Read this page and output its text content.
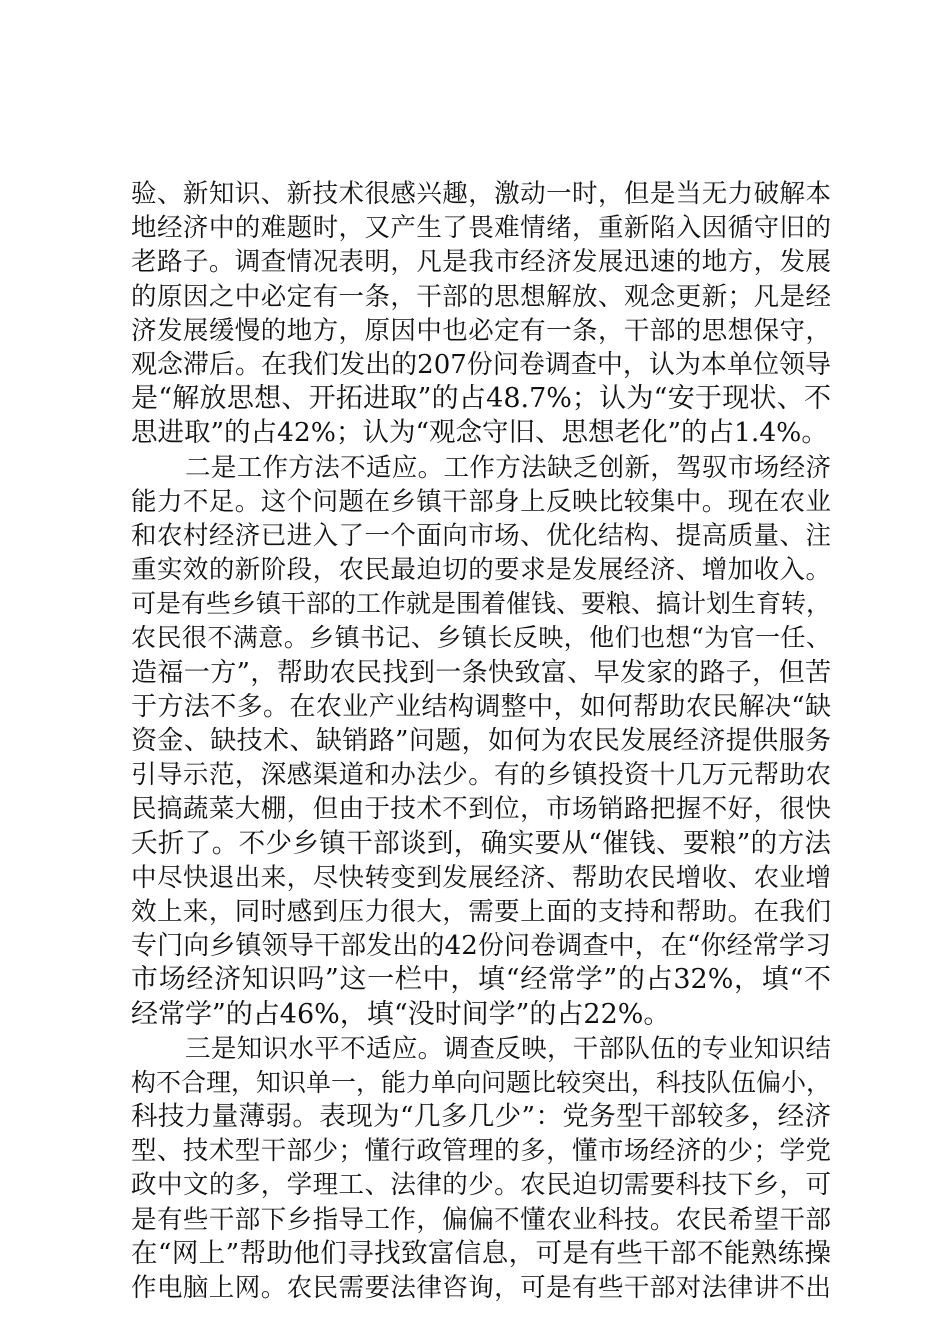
验、新知识、新技术很感兴趣，激动一时，但是当无力破解本
地经济中的难题时，又产生了畏难情绪，重新陷入因循守旧的
老路子。调查情况表明，凡是我市经济发展迅速的地方，发展
的原因之中必定有一条，干部的思想解放、观念更新；凡是经
济发展缓慢的地方，原因中也必定有一条，干部的思想保守，
观念滞后。在我们发出的207份问卷调查中，认为本单位领导
是“解放思想、开拓进取”的占48.7%；认为“安于现状、不
思进取”的占42%；认为“观念守旧、思想老化”的占1.4%。
二是工作方法不适应。工作方法缺乏创新，驾驭市场经济
能力不足。这个问题在乡镇干部身上反映比较集中。现在农业
和农村经济已进入了一个面向市场、优化结构、提高质量、注
重实效的新阶段，农民最迫切的要求是发展经济、增加收入。
可是有些乡镇干部的工作就是围着催钱、要粮、搞计划生育转，
农民很不满意。乡镇书记、乡镇长反映，他们也想“为官一任、
造福一方”，帮助农民找到一条快致富、早发家的路子，但苦
于方法不多。在农业产业结构调整中，如何帮助农民解决“缺
资金、缺技术、缺销路”问题，如何为农民发展经济提供服务
引导示范，深感渠道和办法少。有的乡镇投资十几万元帮助农
民搞蔬菜大棚，但由于技术不到位，市场销路把握不好，很快
夭折了。不少乡镇干部谈到，确实要从“催钱、要粮”的方法
中尽快退出来，尽快转变到发展经济、帮助农民增收、农业增
效上来，同时感到压力很大，需要上面的支持和帮助。在我们
专门向乡镇领导干部发出的42份问卷调查中，在“你经常学习
市场经济知识吗”这一栏中，填“经常学”的占32%，填“不
经常学”的占46%，填“没时间学”的占22%。
三是知识水平不适应。调查反映，干部队伍的专业知识结
构不合理，知识单一，能力单向问题比较突出，科技队伍偏小，
科技力量薄弱。表现为“几多几少”：党务型干部较多，经济
型、技术型干部少；懂行政管理的多，懂市场经济的少；学党
政中文的多，学理工、法律的少。农民迫切需要科技下乡，可
是有些干部下乡指导工作，偏偏不懂农业科技。农民希望干部
在“网上”帮助他们寻找致富信息，可是有些干部不能熟练操
作电脑上网。农民需要法律咨询，可是有些干部对法律讲不出
